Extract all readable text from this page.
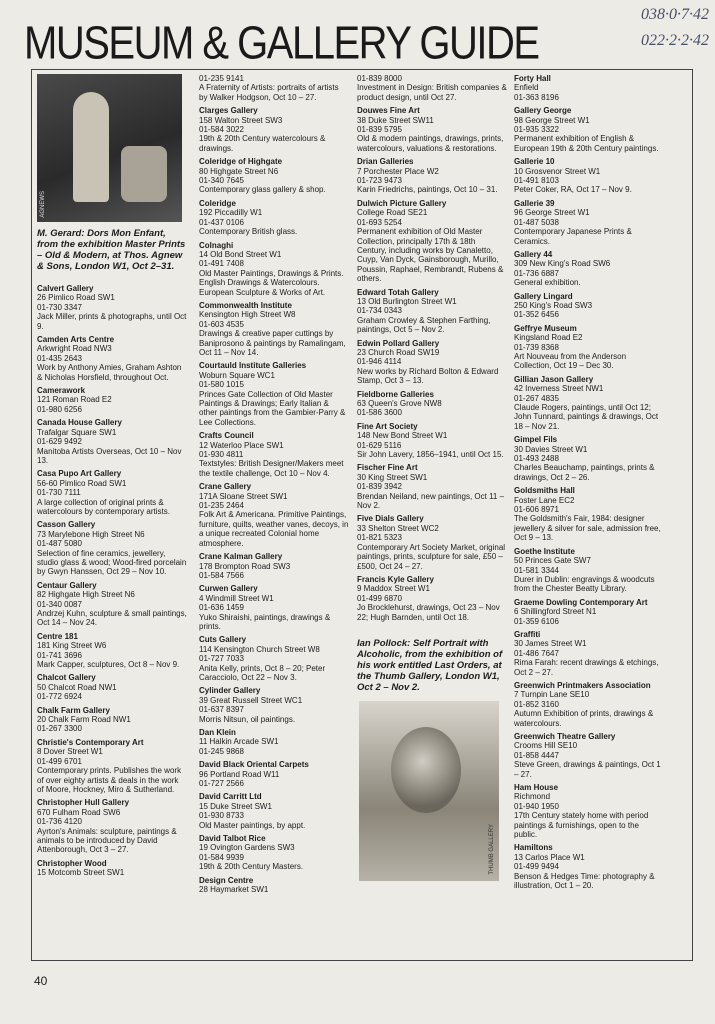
MUSEUM & GALLERY GUIDE
038·0·7·42
022·2·2·42
AGNEWS
M. Gerard: Dors Mon Enfant, from the exhibition Master Prints – Old & Modern, at Thos. Agnew & Sons, London W1, Oct 2–31.
Calvert Gallery
26 Pimlico Road SW1
01-730 3347
Jack Miller, prints & photographs, until Oct 9.
Camden Arts Centre
Arkwright Road NW3
01-435 2643
Work by Anthony Amies, Graham Ashton & Nicholas Horsfield, throughout Oct.
Camerawork
121 Roman Road E2
01-980 6256
Canada House Gallery
Trafalgar Square SW1
01-629 9492
Manitoba Artists Overseas, Oct 10 – Nov 13.
Casa Pupo Art Gallery
56-60 Pimlico Road SW1
01-730 7111
A large collection of original prints & watercolours by contemporary artists.
Casson Gallery
73 Marylebone High Street N6
01-487 5080
Selection of fine ceramics, jewellery, studio glass & wood; Wood-fired porcelain by Gwyn Hanssen, Oct 29 – Nov 10.
Centaur Gallery
82 Highgate High Street N6
01-340 0087
Andrzej Kuhn, sculpture & small paintings, Oct 14 – Nov 24.
Centre 181
181 King Street W6
01-741 3696
Mark Capper, sculptures, Oct 8 – Nov 9.
Chalcot Gallery
50 Chalcot Road NW1
01-772 6924
Chalk Farm Gallery
20 Chalk Farm Road NW1
01-267 3300
Christie's Contemporary Art
8 Dover Street W1
01-499 6701
Contemporary prints. Publishes the work of over eighty artists & deals in the work of Moore, Hockney, Miro & Sutherland.
Christopher Hull Gallery
670 Fulham Road SW6
01-736 4120
Ayrton's Animals: sculpture, paintings & animals to be introduced by David Attenborough, Oct 3 – 27.
Christopher Wood
15 Motcomb Street SW1
01-235 9141
A Fraternity of Artists: portraits of artists by Walker Hodgson, Oct 10 – 27.
Clarges Gallery
158 Walton Street SW3
01-584 3022
19th & 20th Century watercolours & drawings.
Coleridge of Highgate
80 Highgate Street N6
01-340 7645
Contemporary glass gallery & shop.
Coleridge
192 Piccadilly W1
01-437 0106
Contemporary British glass.
Colnaghi
14 Old Bond Street W1
01-491 7408
Old Master Paintings, Drawings & Prints. English Drawings & Watercolours. European Sculpture & Works of Art.
Commonwealth Institute
Kensington High Street W8
01-603 4535
Drawings & creative paper cuttings by Baniprosono & paintings by Ramalingam, Oct 11 – Nov 14.
Courtauld Institute Galleries
Woburn Square WC1
01-580 1015
Princes Gate Collection of Old Master Paintings & Drawings; Early Italian & other paintings from the Gambier-Parry & Lee Collections.
Crafts Council
12 Waterloo Place SW1
01-930 4811
Textstyles: British Designer/Makers meet the textile challenge, Oct 10 – Nov 4.
Crane Gallery
171A Sloane Street SW1
01-235 2464
Folk Art & Americana. Primitive Paintings, furniture, quilts, weather vanes, decoys, in a unique recreated Colonial home atmosphere.
Crane Kalman Gallery
178 Brompton Road SW3
01-584 7566
Curwen Gallery
4 Windmill Street W1
01-636 1459
Yuko Shiraishi, paintings, drawings & prints.
Cuts Gallery
114 Kensington Church Street W8
01-727 7033
Anita Kelly, prints, Oct 8 – 20; Peter Caracciolo, Oct 22 – Nov 3.
Cylinder Gallery
39 Great Russell Street WC1
01-637 8397
Morris Nitsun, oil paintings.
Dan Klein
11 Halkin Arcade SW1
01-245 9868
David Black Oriental Carpets
96 Portland Road W11
01-727 2566
David Carritt Ltd
15 Duke Street SW1
01-930 8733
Old Master paintings, by appt.
David Talbot Rice
19 Ovington Gardens SW3
01-584 9939
19th & 20th Century Masters.
Design Centre
28 Haymarket SW1
01-839 8000
Investment in Design: British companies & product design, until Oct 27.
Douwes Fine Art
38 Duke Street SW11
01-839 5795
Old & modern paintings, drawings, prints, watercolours, valuations & restorations.
Drian Galleries
7 Porchester Place W2
01-723 9473
Karin Friedrichs, paintings, Oct 10 – 31.
Dulwich Picture Gallery
College Road SE21
01-693 5254
Permanent exhibition of Old Master Collection, principally 17th & 18th Century, including works by Canaletto, Cuyp, Van Dyck, Gainsborough, Murillo, Poussin, Raphael, Rembrandt, Rubens & others.
Edward Totah Gallery
13 Old Burlington Street W1
01-734 0343
Graham Crowley & Stephen Farthing, paintings, Oct 5 – Nov 2.
Edwin Pollard Gallery
23 Church Road SW19
01-946 4114
New works by Richard Bolton & Edward Stamp, Oct 3 – 13.
Fieldborne Galleries
63 Queen's Grove NW8
01-586 3600
Fine Art Society
148 New Bond Street W1
01-629 5116
Sir John Lavery, 1856–1941, until Oct 15.
Fischer Fine Art
30 King Street SW1
01-839 3942
Brendan Neiland, new paintings, Oct 11 – Nov 2.
Five Dials Gallery
33 Shelton Street WC2
01-821 5323
Contemporary Art Society Market, original paintings, prints, sculpture for sale, £50 – £500, Oct 24 – 27.
Francis Kyle Gallery
9 Maddox Street W1
01-499 6870
Jo Brocklehurst, drawings, Oct 23 – Nov 22; Hugh Barnden, until Oct 18.
Ian Pollock: Self Portrait with Alcoholic, from the exhibition of his work entitled Last Orders, at the Thumb Gallery, London W1, Oct 2 – Nov 2.
THUMB GALLERY
Forty Hall
Enfield
01-363 8196
Gallery George
98 George Street W1
01-935 3322
Permanent exhibition of English & European 19th & 20th Century paintings.
Gallerie 10
10 Grosvenor Street W1
01-491 8103
Peter Coker, RA, Oct 17 – Nov 9.
Gallerie 39
96 George Street W1
01-487 5038
Contemporary Japanese Prints & Ceramics.
Gallery 44
309 New King's Road SW6
01-736 6887
General exhibition.
Gallery Lingard
250 King's Road SW3
01-352 6456
Geffrye Museum
Kingsland Road E2
01-739 8368
Art Nouveau from the Anderson Collection, Oct 19 – Dec 30.
Gillian Jason Gallery
42 Inverness Street NW1
01-267 4835
Claude Rogers, paintings, until Oct 12; John Tunnard, paintings & drawings, Oct 18 – Nov 21.
Gimpel Fils
30 Davies Street W1
01-493 2488
Charles Beauchamp, paintings, prints & drawings, Oct 2 – 26.
Goldsmiths Hall
Foster Lane EC2
01-606 8971
The Goldsmith's Fair, 1984: designer jewellery & silver for sale, admission free, Oct 9 – 13.
Goethe Institute
50 Princes Gate SW7
01-581 3344
Durer in Dublin: engravings & woodcuts from the Chester Beatty Library.
Graeme Dowling Contemporary Art
6 Shillingford Street N1
01-359 6106
Graffiti
30 James Street W1
01-486 7647
Rima Farah: recent drawings & etchings, Oct 2 – 27.
Greenwich Printmakers Association
7 Turnpin Lane SE10
01-852 3160
Autumn Exhibition of prints, drawings & watercolours.
Greenwich Theatre Gallery
Crooms Hill SE10
01-858 4447
Steve Green, drawings & paintings, Oct 1 – 27.
Ham House
Richmond
01-940 1950
17th Century stately home with period paintings & furnishings, open to the public.
Hamiltons
13 Carlos Place W1
01-499 9494
Benson & Hedges Time: photography & illustration, Oct 1 – 20.
40
